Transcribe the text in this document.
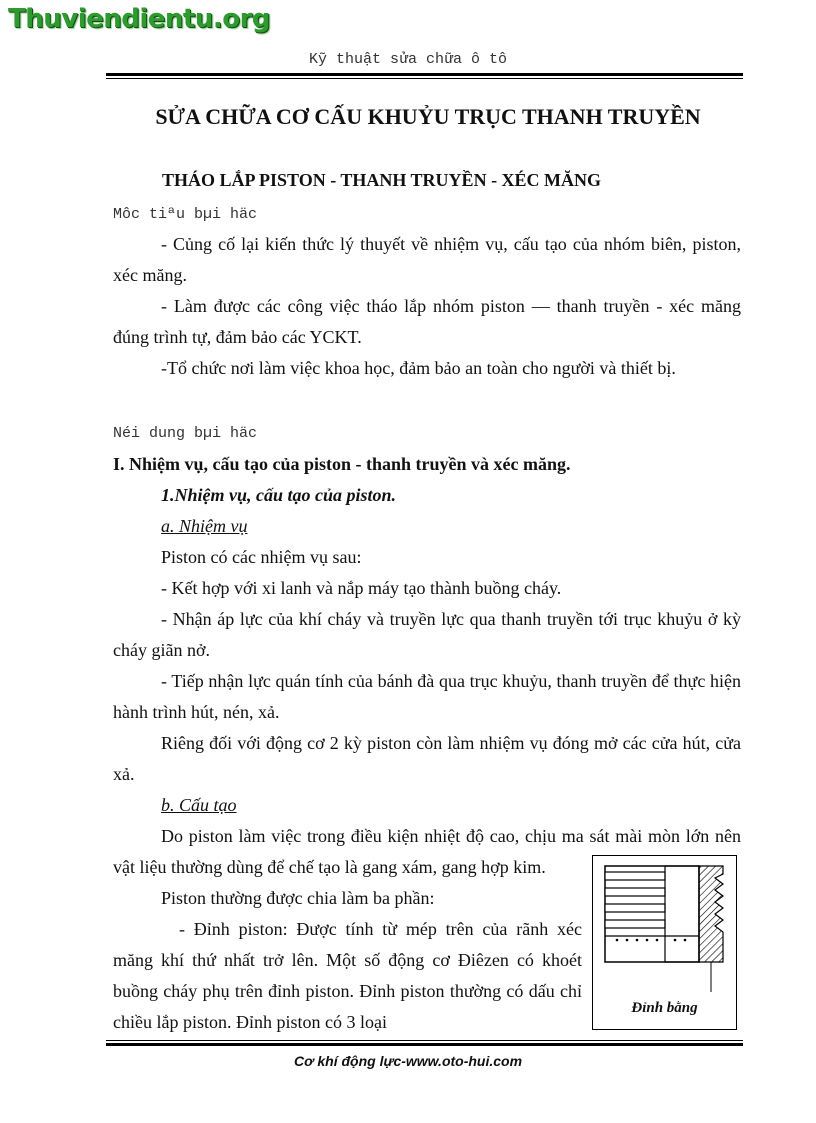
Thuviendientu.org
Kỹ thuật sửa chữa ô tô
SỬA CHỮA CƠ CẤU KHUỶU TRỤC THANH TRUYỀN
THÁO LẮP PISTON - THANH TRUYỀN - XÉC MĂNG
Môc tiªu bµi häc
- Củng cố lại kiến thức lý thuyết về nhiệm vụ, cấu tạo của nhóm biên, piston, xéc măng.
- Làm được các công việc tháo lắp nhóm piston — thanh truyền - xéc măng đúng trình tự, đảm bảo các YCKT.
-Tổ chức nơi làm việc khoa học, đảm bảo an toàn cho người và thiết bị.
Néi dung bµi häc
I. Nhiệm vụ, cấu tạo của piston - thanh truyền và xéc măng.
1.Nhiệm vụ, cấu tạo của piston.
a. Nhiệm vụ
Piston có các nhiệm vụ sau:
- Kết hợp với xi lanh và nắp máy tạo thành buồng cháy.
- Nhận áp lực của khí cháy và truyền lực qua thanh truyền tới trục khuỷu ở kỳ cháy giãn nở.
- Tiếp nhận lực quán tính của bánh đà qua trục khuỷu, thanh truyền để thực hiện hành trình hút, nén, xả.
Riêng đối với động cơ 2 kỳ piston còn làm nhiệm vụ đóng mở các cửa hút, cửa xả.
b. Cấu tạo
Do piston làm việc trong điều kiện nhiệt độ cao, chịu ma sát mài mòn lớn nên vật liệu thường dùng để chế tạo là gang xám, gang hợp kim.
Piston thường được chia làm ba phần:
- Đỉnh piston: Được tính từ mép trên của rãnh xéc măng khí thứ nhất trở lên. Một số động cơ Điêzen có khoét buồng cháy phụ trên đỉnh piston. Đỉnh piston thường có dấu chỉ chiều lắp piston. Đỉnh piston có 3 loại
Đỉnh bằng
Cơ khí động lực-www.oto-hui.com
